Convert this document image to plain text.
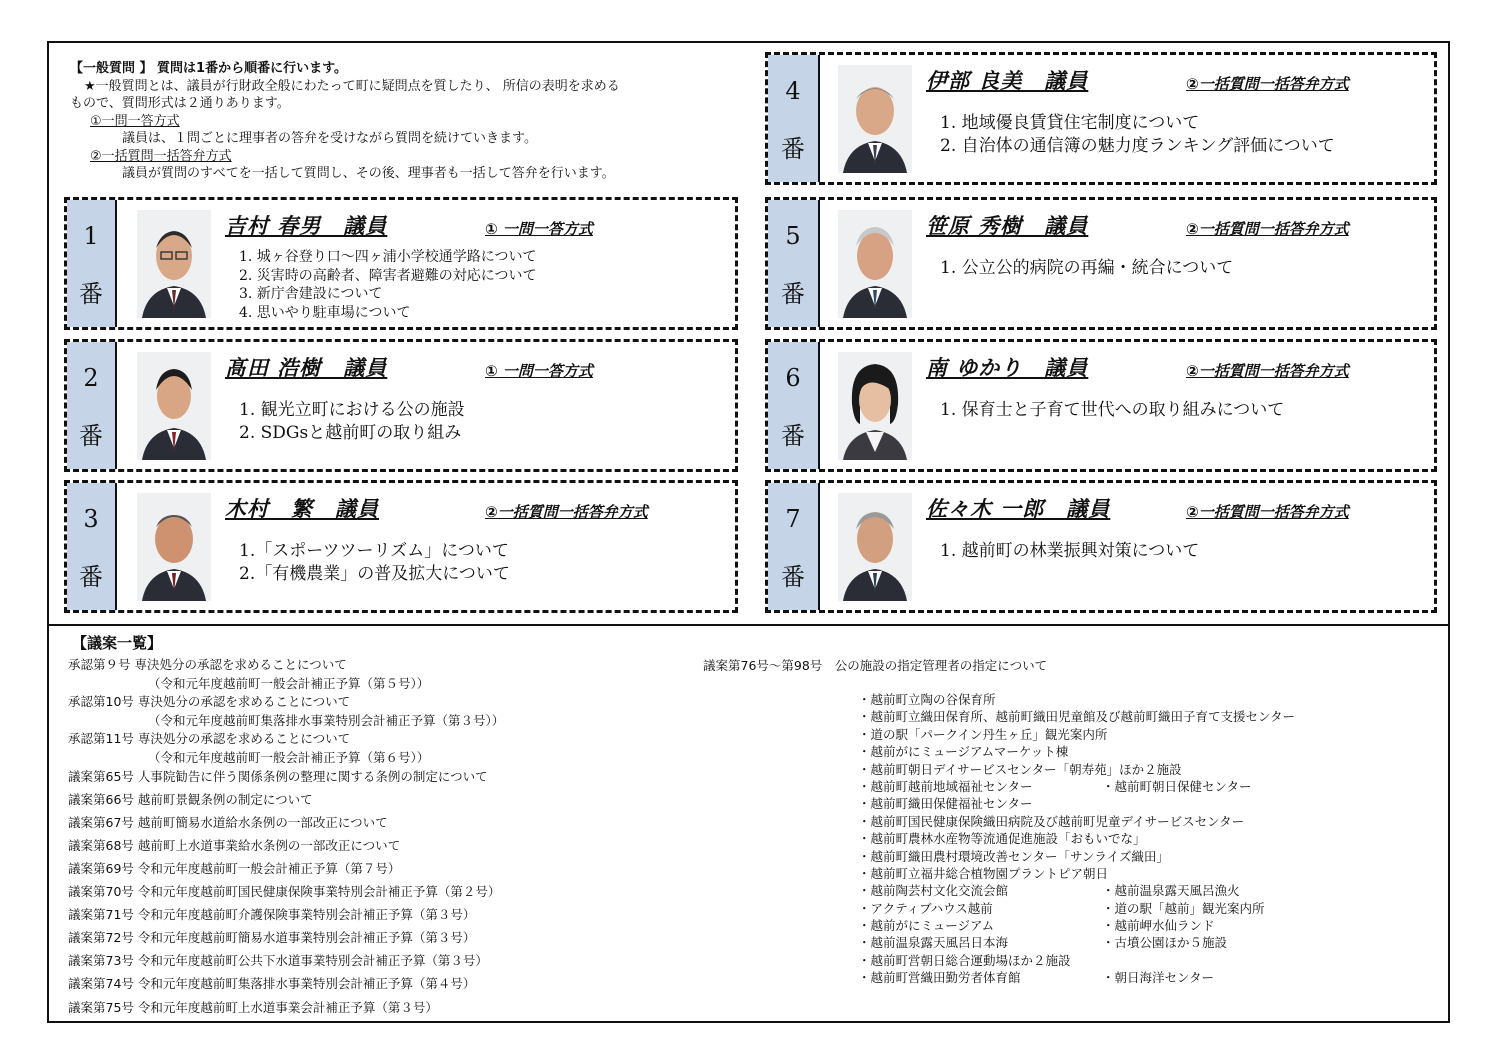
【一般質問 】 質問は1番から順番に行います。
★一般質問とは、議員が行財政全般にわたって町に疑問点を質したり、 所信の表明を求める
もので、質問形式は２通りあります。
①一問一答方式
議員は、１問ごとに理事者の答弁を受けながら質問を続けていきます。
②一括質問一括答弁方式
議員が質問のすべてを一括して質問し、その後、理事者も一括して答弁を行います。
1
番
吉村 春男　議員	① 一問一答方式
1. 城ヶ谷登り口～四ヶ浦小学校通学路について
2. 災害時の高齢者、障害者避難の対応について
3. 新庁舎建設について
4. 思いやり駐車場について
2
番
髙田 浩樹　議員	① 一問一答方式
1. 観光立町における公の施設
2. SDGsと越前町の取り組み
3
番
木村　繁　議員	②一括質問一括答弁方式
1.「スポーツツーリズム」について
2.「有機農業」の普及拡大について
4
番
伊部 良美　議員	②一括質問一括答弁方式
1. 地域優良賃貸住宅制度について
2. 自治体の通信簿の魅力度ランキング評価について
5
番
笹原 秀樹　議員	②一括質問一括答弁方式
1. 公立公的病院の再編・統合について
6
番
南 ゆかり　議員	②一括質問一括答弁方式
1. 保育士と子育て世代への取り組みについて
7
番
佐々木 一郎　議員	②一括質問一括答弁方式
1. 越前町の林業振興対策について
【議案一覧】
承認第９号 専決処分の承認を求めることについて
（令和元年度越前町一般会計補正予算（第５号））
承認第10号 専決処分の承認を求めることについて
（令和元年度越前町集落排水事業特別会計補正予算（第３号））
承認第11号 専決処分の承認を求めることについて
（令和元年度越前町一般会計補正予算（第６号））
議案第65号 人事院勧告に伴う関係条例の整理に関する条例の制定について
議案第66号 越前町景観条例の制定について
議案第67号 越前町簡易水道給水条例の一部改正について
議案第68号 越前町上水道事業給水条例の一部改正について
議案第69号 令和元年度越前町一般会計補正予算（第７号）
議案第70号 令和元年度越前町国民健康保険事業特別会計補正予算（第２号）
議案第71号 令和元年度越前町介護保険事業特別会計補正予算（第３号）
議案第72号 令和元年度越前町簡易水道事業特別会計補正予算（第３号）
議案第73号 令和元年度越前町公共下水道事業特別会計補正予算（第３号）
議案第74号 令和元年度越前町集落排水事業特別会計補正予算（第４号）
議案第75号 令和元年度越前町上水道事業会計補正予算（第３号）
議案第76号～第98号　公の施設の指定管理者の指定について
・越前町立陶の谷保育所
・越前町立織田保育所、越前町織田児童館及び越前町織田子育て支援センター
・道の駅「パークイン丹生ヶ丘」観光案内所
・越前がにミュージアムマーケット棟
・越前町朝日デイサービスセンター「朝寿苑」ほか２施設
・越前町越前地域福祉センター	・越前町朝日保健センター
・越前町織田保健福祉センター
・越前町国民健康保険織田病院及び越前町児童デイサービスセンター
・越前町農林水産物等流通促進施設「おもいでな」
・越前町織田農村環境改善センター「サンライズ織田」
・越前町立福井総合植物園プラントピア朝日
・越前陶芸村文化交流会館	・越前温泉露天風呂漁火
・アクティブハウス越前	・道の駅「越前」観光案内所
・越前がにミュージアム	・越前岬水仙ランド
・越前温泉露天風呂日本海	・古墳公園ほか５施設
・越前町営朝日総合運動場ほか２施設
・越前町営織田勤労者体育館	・朝日海洋センター
